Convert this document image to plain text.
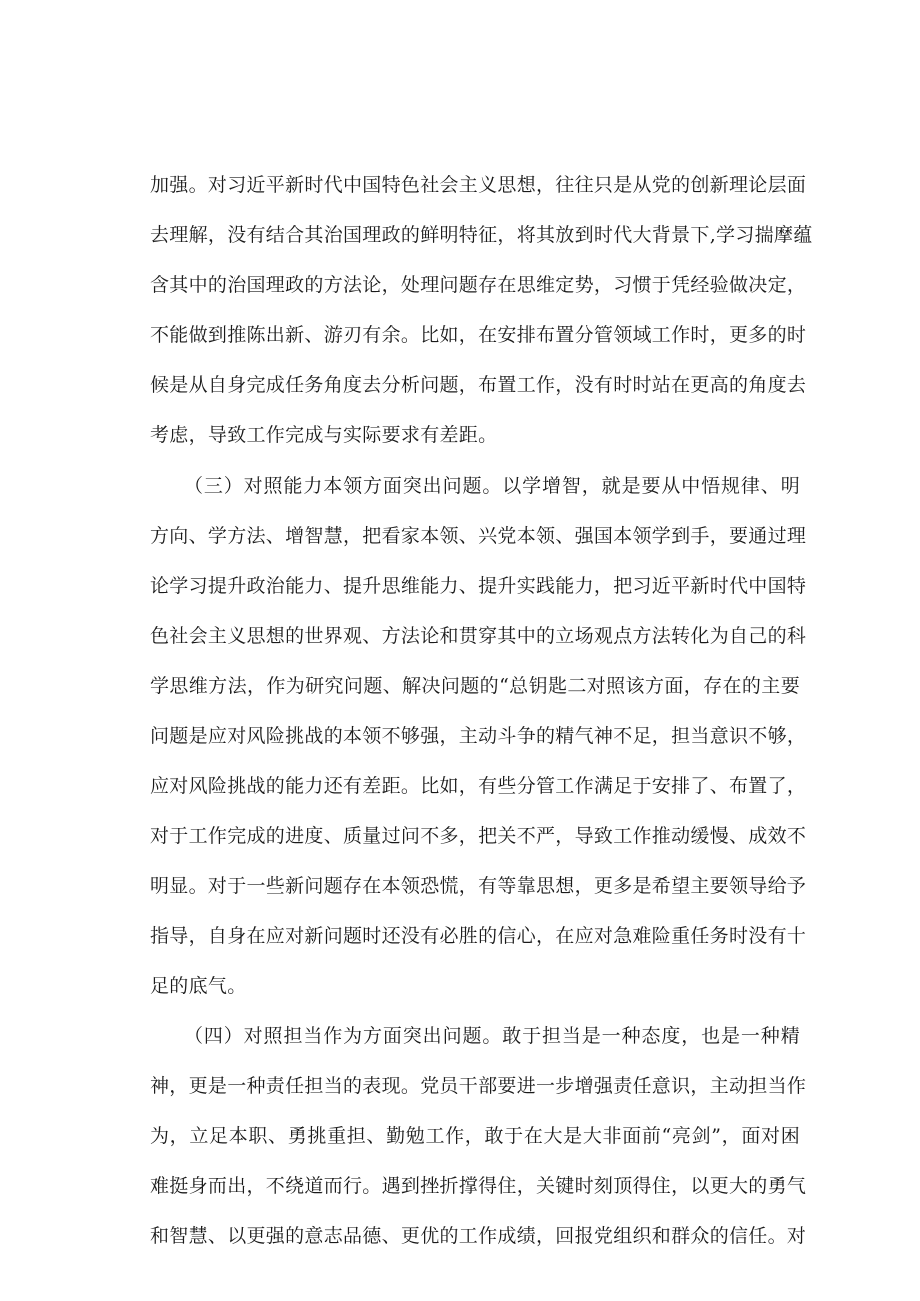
加强。对习近平新时代中国特色社会主义思想，往往只是从党的创新理论层面
去理解，没有结合其治国理政的鲜明特征，将其放到时代大背景下,学习揣摩蕴
含其中的治国理政的方法论，处理问题存在思维定势，习惯于凭经验做决定，
不能做到推陈出新、游刃有余。比如，在安排布置分管领域工作时，更多的时
候是从自身完成任务角度去分析问题，布置工作，没有时时站在更高的角度去
考虑，导致工作完成与实际要求有差距。
（三）对照能力本领方面突出问题。以学增智，就是要从中悟规律、明
方向、学方法、增智慧，把看家本领、兴党本领、强国本领学到手，要通过理
论学习提升政治能力、提升思维能力、提升实践能力，把习近平新时代中国特
色社会主义思想的世界观、方法论和贯穿其中的立场观点方法转化为自己的科
学思维方法，作为研究问题、解决问题的“总钥匙二对照该方面，存在的主要
问题是应对风险挑战的本领不够强，主动斗争的精气神不足，担当意识不够，
应对风险挑战的能力还有差距。比如，有些分管工作满足于安排了、布置了，
对于工作完成的进度、质量过问不多，把关不严，导致工作推动缓慢、成效不
明显。对于一些新问题存在本领恐慌，有等靠思想，更多是希望主要领导给予
指导，自身在应对新问题时还没有必胜的信心，在应对急难险重任务时没有十
足的底气。
（四）对照担当作为方面突出问题。敢于担当是一种态度，也是一种精
神，更是一种责任担当的表现。党员干部要进一步增强责任意识，主动担当作
为，立足本职、勇挑重担、勤勉工作，敢于在大是大非面前“亮剑”，面对困
难挺身而出，不绕道而行。遇到挫折撑得住，关键时刻顶得住，以更大的勇气
和智慧、以更强的意志品德、更优的工作成绩，回报党组织和群众的信任。对
